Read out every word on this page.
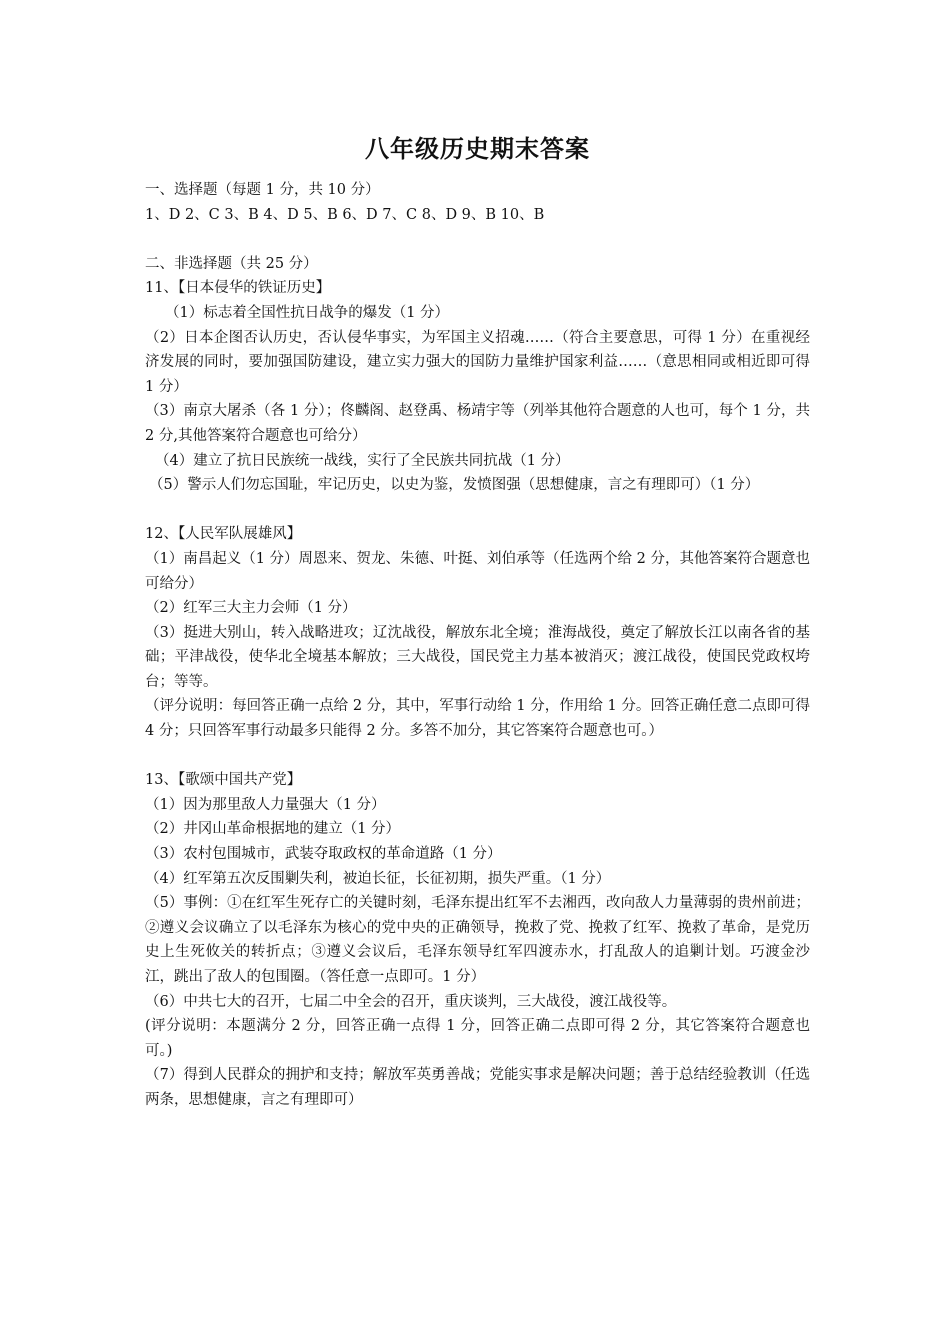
八年级历史期末答案

一、选择题（每题 1 分，共 10 分）

1、D 2、C 3、B 4、D 5、B 6、D 7、C 8、D 9、B 10、B

二、非选择题（共 25 分）

11、【日本侵华的铁证历史】

（1）标志着全国性抗日战争的爆发（1 分）

（2）日本企图否认历史，否认侵华事实，为军国主义招魂……（符合主要意思，可得 1 分）在重视经济发展的同时，要加强国防建设，建立实力强大的国防力量维护国家利益……（意思相同或相近即可得 1 分）

（3）南京大屠杀（各 1 分）；佟麟阁、赵登禹、杨靖宇等（列举其他符合题意的人也可，每个 1 分，共 2 分,其他答案符合题意也可给分）

（4）建立了抗日民族统一战线，实行了全民族共同抗战（1 分）

（5）警示人们勿忘国耻，牢记历史，以史为鉴，发愤图强（思想健康，言之有理即可）（1 分）

12、【人民军队展雄风】

（1）南昌起义（1 分）周恩来、贺龙、朱德、叶挺、刘伯承等（任选两个给 2 分，其他答案符合题意也可给分）

（2）红军三大主力会师（1 分）

（3）挺进大别山，转入战略进攻；辽沈战役，解放东北全境；淮海战役，奠定了解放长江以南各省的基础；平津战役，使华北全境基本解放；三大战役，国民党主力基本被消灭；渡江战役，使国民党政权垮台；等等。

（评分说明：每回答正确一点给 2 分，其中，军事行动给 1 分，作用给 1 分。回答正确任意二点即可得 4 分；只回答军事行动最多只能得 2 分。多答不加分，其它答案符合题意也可。）

13、【歌颂中国共产党】

（1）因为那里敌人力量强大（1 分）

（2）井冈山革命根据地的建立（1 分）

（3）农村包围城市，武装夺取政权的革命道路（1 分）

（4）红军第五次反围剿失利，被迫长征，长征初期，损失严重。（1 分）

（5）事例：①在红军生死存亡的关键时刻，毛泽东提出红军不去湘西，改向敌人力量薄弱的贵州前进；②遵义会议确立了以毛泽东为核心的党中央的正确领导，挽救了党、挽救了红军、挽救了革命，是党历史上生死攸关的转折点；③遵义会议后，毛泽东领导红军四渡赤水，打乱敌人的追剿计划。巧渡金沙江，跳出了敌人的包围圈。（答任意一点即可。1 分）

（6）中共七大的召开，七届二中全会的召开，重庆谈判，三大战役，渡江战役等。

(评分说明：本题满分 2 分，回答正确一点得 1 分，回答正确二点即可得 2 分，其它答案符合题意也可。)

（7）得到人民群众的拥护和支持；解放军英勇善战；党能实事求是解决问题；善于总结经验教训（任选两条，思想健康，言之有理即可）
